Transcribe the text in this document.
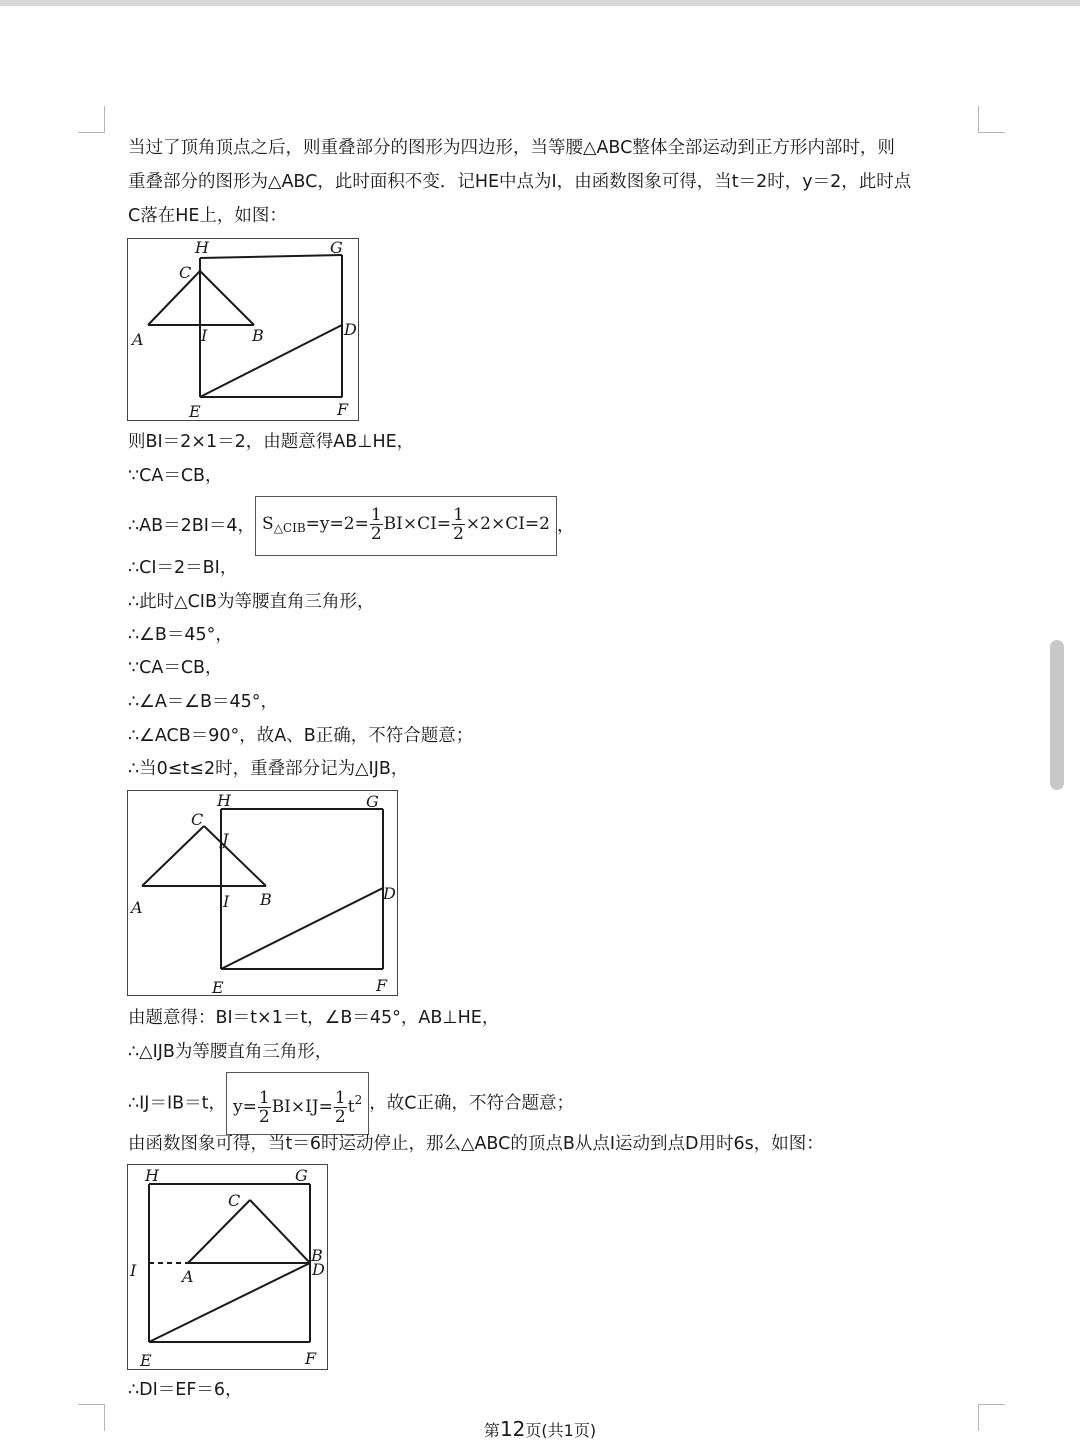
当过了顶角顶点之后，则重叠部分的图形为四边形，当等腰△ABC整体全部运动到正方形内部时，则
重叠部分的图形为△ABC，此时面积不变．记HE中点为I，由函数图象可得，当t＝2时，y＝2，此时点
C落在HE上，如图：
H	G
C
A	I	B	D
E	F
则BI＝2×1＝2，由题意得AB⊥HE，
∵CA＝CB，
∴AB＝2BI＝4， $S_{\triangle CIB}=y=2= \frac{1}{2} BI\times CI= \frac{1}{2} \times 2\times CI=2$ ，
∴CI＝2＝BI，
∴此时△CIB为等腰直角三角形，
∴∠B＝45°，
∵CA＝CB，
∴∠A＝∠B＝45°，
∴∠ACB＝90°，故A、B正确，不符合题意；
∴当0≤t≤2时，重叠部分记为△IJB，
H	G
C
J
A	I B	D
E	F
由题意得：BI＝t×1＝t，∠B＝45°，AB⊥HE，
∴△IJB为等腰直角三角形，
∴IJ＝IB＝t， $y= \frac{1}{2} BI\times IJ= \frac{1}{2} t^2$ ，故C正确，不符合题意；
由函数图象可得，当t＝6时运动停止，那么△ABC的顶点B从点I运动到点D用时6s，如图：
H	G
C
I	A
B
D
E	F
∴DI＝EF＝6，
第12页(共1页)
